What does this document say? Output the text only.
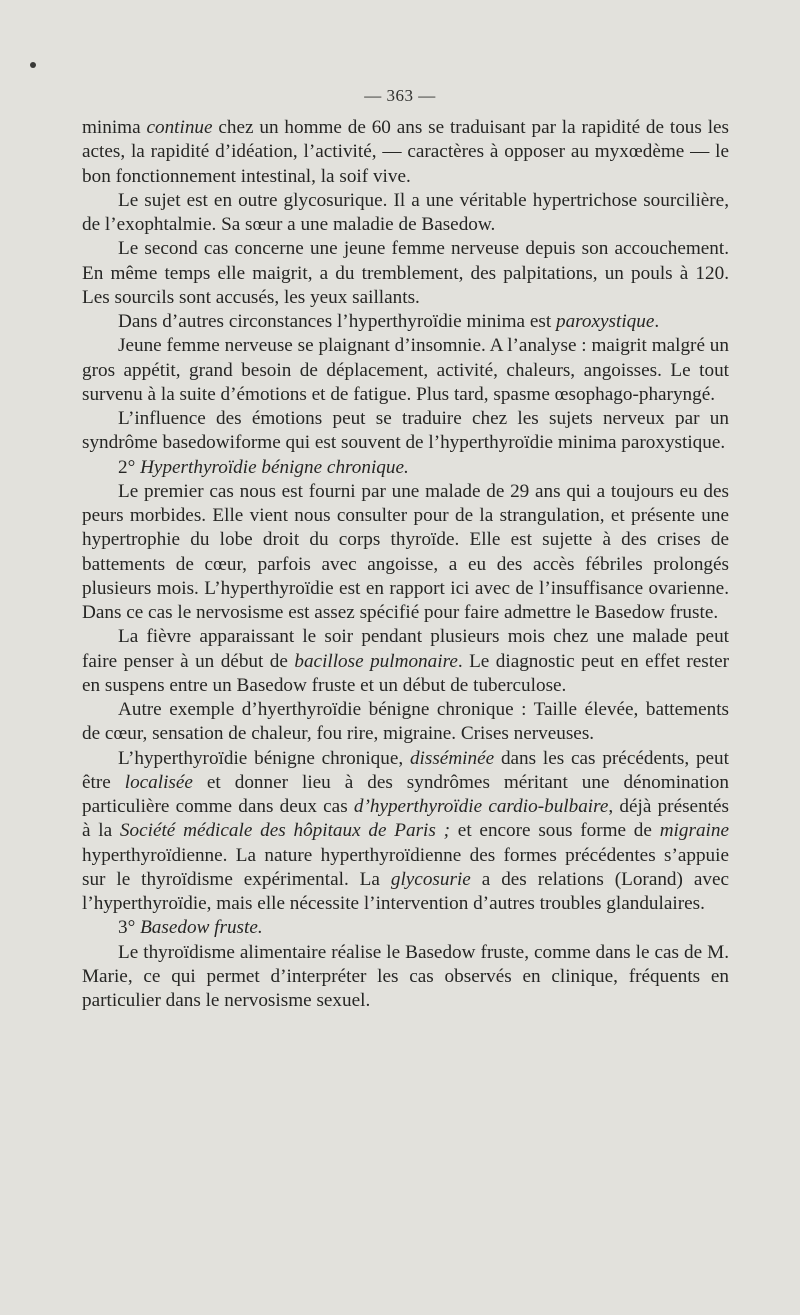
— 363 —

minima continue chez un homme de 60 ans se traduisant par la rapidité de tous les actes, la rapidité d’idéation, l’activité, — caractères à opposer au myxœdème — le bon fonctionnement intestinal, la soif vive.

Le sujet est en outre glycosurique. Il a une véritable hypertrichose sourcilière, de l’exophtalmie. Sa sœur a une maladie de Basedow.

Le second cas concerne une jeune femme nerveuse depuis son accouchement. En même temps elle maigrit, a du tremblement, des palpitations, un pouls à 120. Les sourcils sont accusés, les yeux saillants.

Dans d’autres circonstances l’hyperthyroïdie minima est paroxystique.

Jeune femme nerveuse se plaignant d’insomnie. A l’analyse : maigrit malgré un gros appétit, grand besoin de déplacement, activité, chaleurs, angoisses. Le tout survenu à la suite d’émotions et de fatigue. Plus tard, spasme œsophago-pharyngé.

L’influence des émotions peut se traduire chez les sujets nerveux par un syndrôme basedowiforme qui est souvent de l’hyperthyroïdie minima paroxystique.

2° Hyperthyroïdie bénigne chronique.

Le premier cas nous est fourni par une malade de 29 ans qui a toujours eu des peurs morbides. Elle vient nous consulter pour de la strangulation, et présente une hypertrophie du lobe droit du corps thyroïde. Elle est sujette à des crises de battements de cœur, parfois avec angoisse, a eu des accès fébriles prolongés plusieurs mois. L’hyperthyroïdie est en rapport ici avec de l’insuffisance ovarienne. Dans ce cas le nervosisme est assez spécifié pour faire admettre le Basedow fruste.

La fièvre apparaissant le soir pendant plusieurs mois chez une malade peut faire penser à un début de bacillose pulmonaire. Le diagnostic peut en effet rester en suspens entre un Basedow fruste et un début de tuberculose.

Autre exemple d’hyerthyroïdie bénigne chronique : Taille élevée, battements de cœur, sensation de chaleur, fou rire, migraine. Crises nerveuses.

L’hyperthyroïdie bénigne chronique, disséminée dans les cas précédents, peut être localisée et donner lieu à des syndrômes méritant une dénomination particulière comme dans deux cas d’hyperthyroïdie cardio-bulbaire, déjà présentés à la Société médicale des hôpitaux de Paris ; et encore sous forme de migraine hyperthyroïdienne. La nature hyperthyroïdienne des formes précédentes s’appuie sur le thyroïdisme expérimental. La glycosurie a des relations (Lorand) avec l’hyperthyroïdie, mais elle nécessite l’intervention d’autres troubles glandulaires.

3° Basedow fruste.

Le thyroïdisme alimentaire réalise le Basedow fruste, comme dans le cas de M. Marie, ce qui permet d’interpréter les cas observés en clinique, fréquents en particulier dans le nervosisme sexuel.
